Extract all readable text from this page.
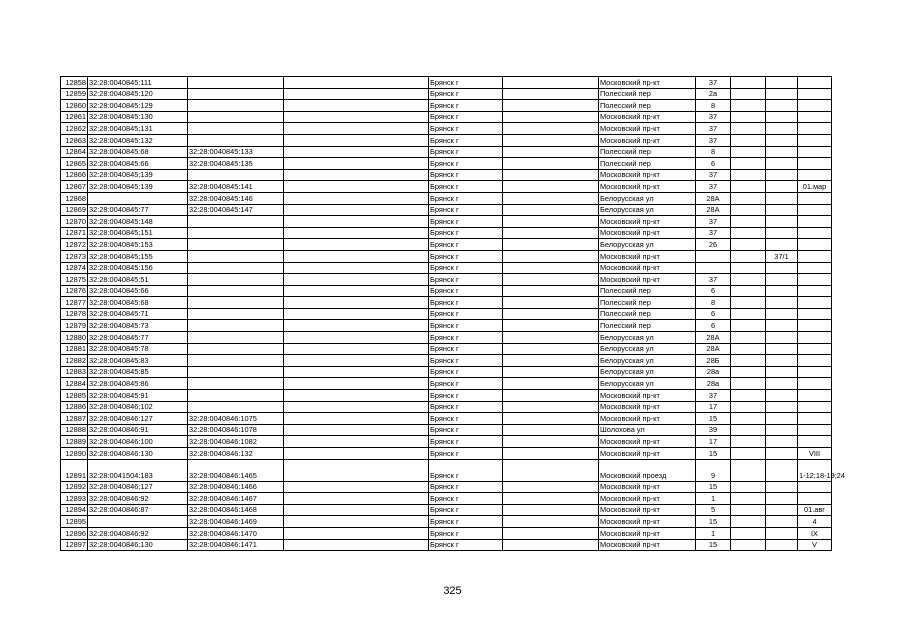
12858	32:28:0040845:111			Брянск г		Московский пр-кт	37			
12859	32:28:0040845:120			Брянск г		Полесский пер	2а			
12860	32:28:0040845:129			Брянск г		Полесский пер	8			
12861	32:28:0040845:130			Брянск г		Московский пр-кт	37			
12862	32:28:0040845:131			Брянск г		Московский пр-кт	37			
12863	32:28:0040845:132			Брянск г		Московский пр-кт	37			
12864	32:28:0040845:68	32:28:0040845:133		Брянск г		Полесский пер	8			
12865	32:28:0040845:66	32:28:0040845:135		Брянск г		Полесский пер	6			
12866	32:28:0040845:139			Брянск г		Московский пр-кт	37			
12867	32:28:0040845:139	32:28:0040845:141		Брянск г		Московский пр-кт	37			01.мар
12868		32:28:0040845:146		Брянск г		Белорусская ул	28А			
12869	32:28:0040845:77	32:28:0040845:147		Брянск г		Белорусская ул	28А			
12870	32:28:0040845:148			Брянск г		Московский пр-кт	37			
12871	32:28:0040845:151			Брянск г		Московский пр-кт	37			
12872	32:28:0040845:153			Брянск г		Белорусская ул	26			
12873	32:28:0040845:155			Брянск г		Московский пр-кт			37/1	
12874	32:28:0040845:156			Брянск г		Московский пр-кт				
12875	32:28:0040845:51			Брянск г		Московский пр-кт	37			
12876	32:28:0040845:66			Брянск г		Полесский пер	6			
12877	32:28:0040845:68			Брянск г		Полесский пер	8			
12878	32:28:0040845:71			Брянск г		Полесский пер	6			
12879	32:28:0040845:73			Брянск г		Полесский пер	6			
12880	32:28:0040845:77			Брянск г		Белорусская ул	28А			
12881	32:28:0040845:78			Брянск г		Белорусская ул	28А			
12882	32:28:0040845:83			Брянск г		Белорусская ул	28Б			
12883	32:28:0040845:85			Брянск г		Белорусская ул	28а			
12884	32:28:0040845:86			Брянск г		Белорусская ул	28а			
12885	32:28:0040845:91			Брянск г		Московский пр-кт	37			
12886	32:28:0040846:102			Брянск г		Московский пр-кт	17			
12887	32:28:0040846:127	32:28:0040846:1075		Брянск г		Московский пр-кт	15			
12888	32:28:0040846:91	32:28:0040846:1078		Брянск г		Шолохова ул	39			
12889	32:28:0040846:100	32:28:0040846:1082		Брянск г		Московский пр-кт	17			
12890	32:28:0040846:130	32:28:0040846:132		Брянск г		Московский пр-кт	15			VIII
12891	32:28:0041504:183	32:28:0040846:1465		Брянск г		Московский проезд	9			1-12;18-19;24
12892	32:28:0040846:127	32:28:0040846:1466		Брянск г		Московский пр-кт	15			
12893	32:28:0040846:92	32:28:0040846:1467		Брянск г		Московский пр-кт	1			
12894	32:28:0040846:87	32:28:0040846:1468		Брянск г		Московский пр-кт	5			01.авг
12895		32:28:0040846:1469		Брянск г		Московский пр-кт	15			4
12896	32:28:0040846:92	32:28:0040846:1470		Брянск г		Московский пр-кт	1			IX
12897	32:28:0040846:130	32:28:0040846:1471		Брянск г		Московский пр-кт	15			V
325
